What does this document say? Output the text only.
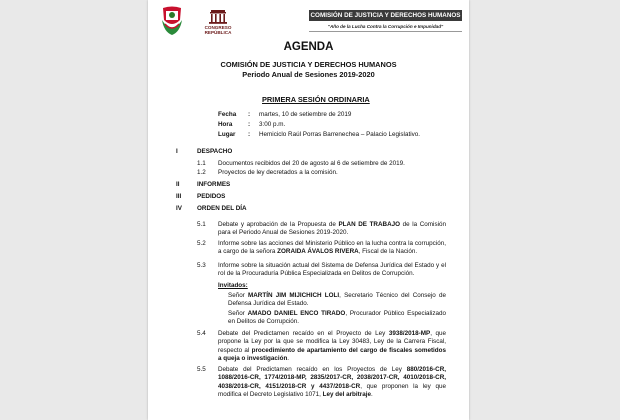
CONGRESO
REPÚBLICA
COMISIÓN DE JUSTICIA Y DERECHOS HUMANOS
"Año de la Lucha Contra la Corrupción e Impunidad"
AGENDA
COMISIÓN DE JUSTICIA Y DERECHOS HUMANOS
Periodo Anual de Sesiones 2019-2020
PRIMERA SESIÓN ORDINARIA
Fecha : martes, 10 de setiembre de 2019
Hora : 3:00 p.m.
Lugar : Hemiciclo Raúl Porras Barrenechea – Palacio Legislativo.
I	DESPACHO
1.1 Documentos recibidos del 20 de agosto al 6 de setiembre de 2019.
1.2 Proyectos de ley decretados a la comisión.
II	INFORMES
III	PEDIDOS
IV ORDEN DEL DÍA
5.1 Debate y aprobación de la Propuesta de PLAN DE TRABAJO de la Comisión para el Periodo Anual de Sesiones 2019-2020.
5.2 Informe sobre las acciones del Ministerio Público en la lucha contra la corrupción, a cargo de la señora ZORAIDA ÁVALOS RIVERA, Fiscal de la Nación.
5.3 Informe sobre la situación actual del Sistema de Defensa Jurídica del Estado y el rol de la Procuraduría Pública Especializada en Delitos de Corrupción.
Invitados:
Señor MARTÍN JIM MIJICHICH LOLI, Secretario Técnico del Consejo de Defensa Jurídica del Estado.
Señor AMADO DANIEL ENCO TIRADO, Procurador Público Especializado en Delitos de Corrupción.
5.4 Debate del Predictamen recaído en el Proyecto de Ley 3938/2018-MP, que propone la Ley por la que se modifica la Ley 30483, Ley de la Carrera Fiscal, respecto al procedimiento de apartamiento del cargo de fiscales sometidos a queja o investigación.
5.5 Debate del Predictamen recaído en los Proyectos de Ley 880/2016-CR, 1088/2016-CR, 1774/2018-MP, 2835/2017-CR, 2038/2017-CR, 4010/2018-CR, 4038/2018-CR, 4151/2018-CR y 4437/2018-CR, que proponen la ley que modifica el Decreto Legislativo 1071, Ley del arbitraje.
